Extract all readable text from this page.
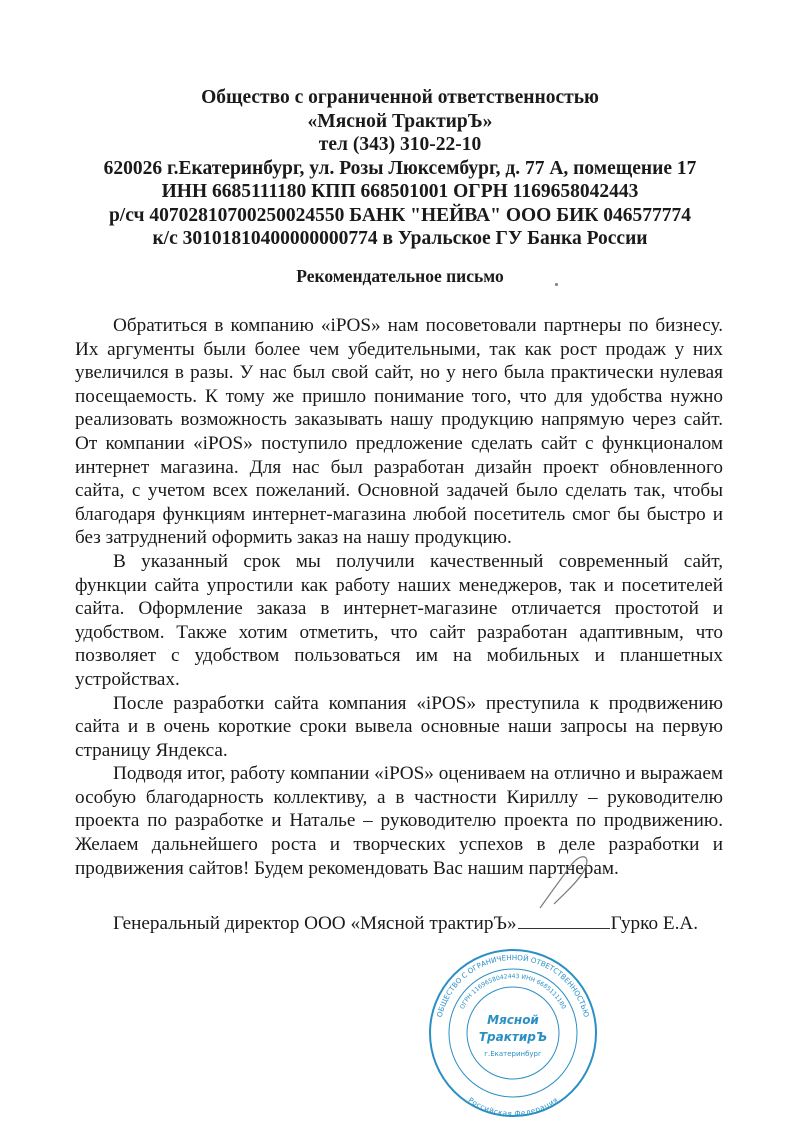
Общество с ограниченной ответственностью
«Мясной ТрактирЪ»
тел (343) 310-22-10
620026 г.Екатеринбург, ул. Розы Люксембург, д. 77 А, помещение 17
ИНН 6685111180 КПП 668501001 ОГРН 1169658042443
р/сч 40702810700250024550 БАНК "НЕЙВА" ООО БИК 046577774
к/с 30101810400000000774 в Уральское ГУ Банка России
Рекомендательное письмо

Обратиться в компанию «iPOS» нам посоветовали партнеры по бизнесу. Их аргументы были более чем убедительными, так как рост продаж у них увеличился в разы. У нас был свой сайт, но у него была практически нулевая посещаемость. К тому же пришло понимание того, что для удобства нужно реализовать возможность заказывать нашу продукцию напрямую через сайт. От компании «iPOS» поступило предложение сделать сайт с функционалом интернет магазина. Для нас был разработан дизайн проект обновленного сайта, с учетом всех пожеланий. Основной задачей было сделать так, чтобы благодаря функциям интернет-магазина любой посетитель смог бы быстро и без затруднений оформить заказ на нашу продукцию.

В указанный срок мы получили качественный современный сайт, функции сайта упростили как работу наших менеджеров, так и посетителей сайта. Оформление заказа в интернет-магазине отличается простотой и удобством. Также хотим отметить, что сайт разработан адаптивным, что позволяет с удобством пользоваться им на мобильных и планшетных устройствах.

После разработки сайта компания «iPOS» преступила к продвижению сайта и в очень короткие сроки вывела основные наши запросы на первую страницу Яндекса.

Подводя итог, работу компании «iPOS» оцениваем на отлично и выражаем особую благодарность коллективу, а в частности Кириллу – руководителю проекта по разработке и Наталье – руководителю проекта по продвижению. Желаем дальнейшего роста и творческих успехов в деле разработки и продвижения сайтов! Будем рекомендовать Вас нашим партнерам.

Генеральный директор ООО «Мясной трактирЪ»	Гурко Е.А.
ОБЩЕСТВО С ОГРАНИЧЕННОЙ ОТВЕТСТВЕННОСТЬЮ
Российская Федерация
ОГРН 1169658042443 ИНН 6685111180
Мясной
ТрактирЪ
г.Екатеринбург
